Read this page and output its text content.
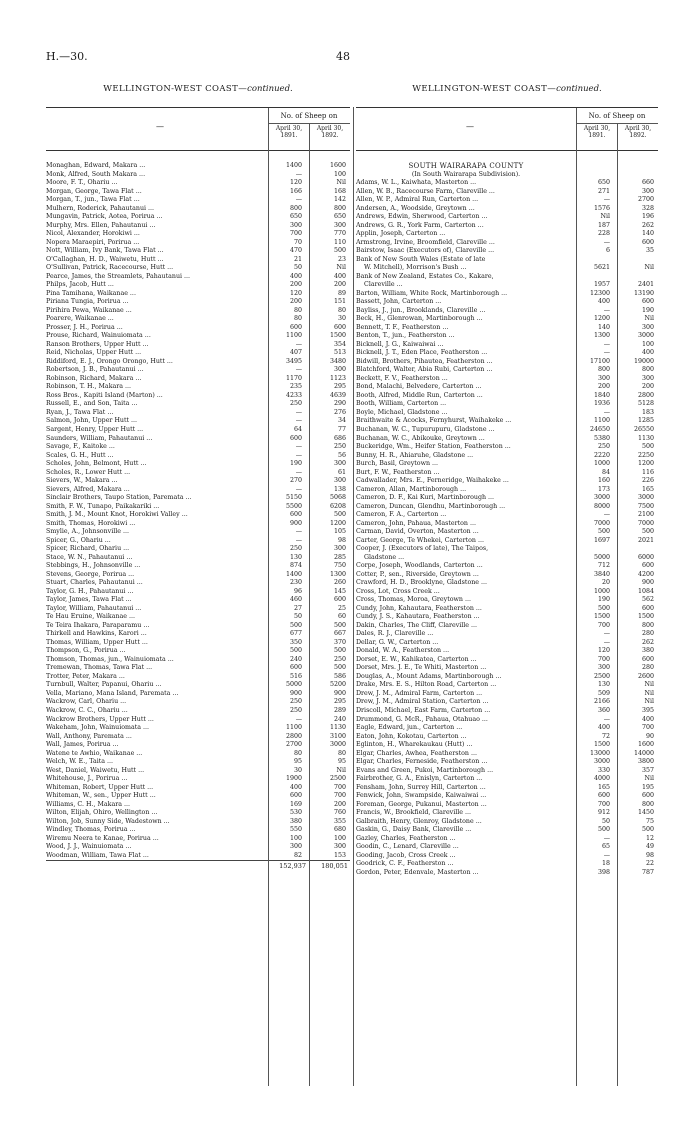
H.—30.	48
WELLINGTON-WEST COAST—continued.	WELLINGTON-WEST COAST—continued.
—
No. of Sheep on
April 30, 1891.
April 30, 1892.
Monaghan, Edward, Makara ...	1400	1600
Monk, Alfred, South Makara ...	—	100
Moore, F. T., Ohariu ...	120	Nil
Morgan, George, Tawa Flat ...	166	168
Morgan, T., jun., Tawa Flat ...	—	142
Mulhern, Roderick, Pahautanui ...	800	800
Mungavin, Patrick, Aotea, Porirua ...	650	650
Murphy, Mrs. Ellen, Pahautanui ...	300	300
Nicol, Alexander, Horokiwi ...	700	770
Nopera Maraepiri, Porirua ...	70	110
Nott, William, Ivy Bank, Tawa Flat ...	470	500
O'Callaghan, H. D., Waiwetu, Hutt ...	21	23
O'Sullivan, Patrick, Racecourse, Hutt ...	50	Nil
Pearce, James, the Streamlets, Pahautanui ...	400	400
Philps, Jacob, Hutt ...	200	200
Pina Tamihana, Waikanae ...	120	89
Piriana Tungia, Porirua ...	200	151
Pirihira Pewa, Waikanae ...	80	80
Poarere, Waikanae ...	80	30
Prosser, J. H., Porirua ...	600	600
Prouse, Richard, Wainuiomata ...	1100	1500
Ranson Brothers, Upper Hutt ...	—	354
Reid, Nicholas, Upper Hutt ...	407	513
Riddiford, E. J., Orongo Orongo, Hutt ...	3495	3480
Robertson, J. B., Pahautanui ...	—	300
Robinson, Richard, Makara ...	1170	1123
Robinson, T. H., Makara ...	235	295
Ross Bros., Kapiti Island (Marton) ...	4233	4639
Russell, E., and Son, Taita ...	250	290
Ryan, J., Tawa Flat ...	—	276
Salmon, John, Upper Hutt ...	—	34
Sargent, Henry, Upper Hutt ...	64	77
Saunders, William, Pahautanui ...	600	686
Savage, F., Kaitoke ...	—	250
Scales, G. H., Hutt ...	—	56
Scholes, John, Belmont, Hutt ...	190	300
Scholes, R., Lower Hutt ...	—	61
Sievers, W., Makara ...	270	300
Sievers, Alfred, Makara ...	—	138
Sinclair Brothers, Taupo Station, Paremata ...	5150	5068
Smith, F. W., Tunapo, Paikakariki ...	5500	6208
Smith, J. M., Mount Knot, Horokiwi Valley ...	600	500
Smith, Thomas, Horokiwi ...	900	1200
Smylie, A., Johnsonville ...	—	105
Spicer, G., Ohariu ...	—	98
Spicer, Richard, Ohariu ...	250	300
Stace, W. N., Pahautanui ...	130	285
Stebbings, H., Johnsonville ...	874	750
Stevens, George, Porirua ...	1400	1300
Stuart, Charles, Pahautanui ...	230	260
Taylor, G. H., Pahautanui ...	96	145
Taylor, James, Tawa Flat ...	460	600
Taylor, William, Pahautanui ...	27	25
Te Hau Eruine, Waikanae ...	50	60
Te Teira Ihakara, Paraparamu ...	500	500
Thirkell and Hawkins, Karori ...	677	667
Thomas, William, Upper Hutt ...	350	370
Thompson, G., Porirua ...	500	500
Thomson, Thomas, jun., Wainuiomata ...	240	250
Tremewan, Thomas, Tawa Flat ...	600	500
Trotter, Peter, Makara ...	516	586
Turnbull, Walter, Papanui, Ohariu ...	5000	5200
Vella, Mariano, Mana Island, Paremata ...	900	900
Wackrow, Carl, Ohariu ...	250	295
Wackrow, C. C., Ohariu ...	250	289
Wackrow Brothers, Upper Hutt ...	—	240
Wakeham, John, Wainuiomata ...	1100	1130
Wall, Anthony, Paremata ...	2800	3100
Wall, James, Porirua ...	2700	3000
Watene te Awhio, Waikanae ...	80	80
Welch, W. E., Taita ...	95	95
West, Daniel, Waiwetu, Hutt ...	30	Nil
Whitehouse, J., Porirua ...	1900	2500
Whiteman, Robert, Upper Hutt ...	400	700
Whiteman, W., sen., Upper Hutt ...	600	700
Williams, C. H., Makara ...	169	200
Wilton, Elijah, Ohiro, Wellington ...	530	760
Wilton, Job, Sunny Side, Wadestown ...	380	355
Windley, Thomas, Porirua ...	550	680
Wiremu Neera te Kanae, Porirua ...	100	100
Wood, J. J., Wainuiomata ...	300	300
Woodman, William, Tawa Flat ...	82	153
152,937	180,051
—
No. of Sheep on
April 30, 1891.
April 30, 1892.
SOUTH WAIRARAPA COUNTY
(In South Wairarapa Subdivision).
Adams, W. L., Kaiwhata, Masterton ...	650	660
Allen, W. B., Racecourse Farm, Clareville ...	271	300
Allen, W. P., Admiral Run, Carterton ...	—	2700
Andersen, A., Woodside, Greytown ...	1576	328
Andrews, Edwin, Sherwood, Carterton ...	Nil	196
Andrews, G. R., York Farm, Carterton ...	187	262
Applin, Joseph, Carterton ...	228	140
Armstrong, Irvine, Broomfield, Clareville ...	—	600
Bairstow, Isaac (Executors of), Clareville ...	6	35
Bank of New South Wales (Estate of late
W. Mitchell), Morrison's Bush ...	5621	Nil
Bank of New Zealand, Estates Co., Kakare,
Clareville ...	1957	2401
Barton, William, White Rock, Martinborough ...	12300	13190
Bassett, John, Carterton ...	400	600
Bayliss, J., jun., Brooklands, Clareville ...	—	190
Beck, H., Glenrowan, Martinborough ...	1200	Nil
Bennett, T. F., Featherston ...	140	300
Benton, T., jun., Featherston ...	1300	3000
Bicknell, J. G., Kaiwaiwai ...	—	100
Bicknell, J. T., Eden Place, Featherston ...	—	400
Bidwill, Brothers, Pihautea, Featherston ...	17100	19000
Blatchford, Walter, Abia Rubi, Carterton ...	800	800
Beckett, F. V., Featherston ...	300	300
Bond, Malachi, Belvedere, Carterton ...	200	200
Booth, Alfred, Middle Run, Carterton ...	1840	2800
Booth, William, Carterton ...	1936	5128
Boyle, Michael, Gladstone ...	—	183
Braithwaite & Acocks, Fernyhurst, Waihakeke ...	1100	1285
Buchanan, W. C., Tupurupuru, Gladstone ...	24650	26550
Buchanan, W. C., Abikouke, Greytown ...	5380	1130
Buckeridge, Wm., Heifer Station, Featherston ...	250	500
Bunny, H. R., Ahiaruhe, Gladstone ...	2220	2250
Burch, Basil, Greytown ...	1000	1200
Burt, F. W., Featherston ...	84	116
Cadwallader, Mrs. E., Ferneridge, Waihakeke ...	160	226
Cameron, Allan, Martinborough ...	173	165
Cameron, D. F., Kai Kuri, Martinborough ...	3000	3000
Cameron, Duncan, Glendhu, Martinborough ...	8000	7500
Cameron, F. A., Carterton ...	—	2100
Cameron, John, Pahaua, Masterton ...	7000	7000
Carman, David, Overton, Masterton ...	500	500
Carter, George, Te Whekei, Carterton ...	1697	2021
Cooper, J. (Executors of late), The Taipos,
Gladstone ...	5000	6000
Corpe, Joseph, Woodlands, Carterton ...	712	600
Cotter, P., sen., Riverside, Greytown ...	3840	4200
Crawford, H. D., Brooklyne, Gladstone ...	20	900
Cross, Lot, Cross Creek ...	1000	1084
Cross, Thomas, Moroa, Greytown ...	190	562
Cundy, John, Kahautara, Featherston ...	500	600
Cundy, J. S., Kahautara, Featherston ...	1500	1500
Dakin, Charles, The Cliff, Clareville ...	700	800
Dales, R. J., Clareville ...	—	280
Dellar, G. W., Carterton ...	—	262
Donald, W. A., Featherston ...	120	380
Dorset, E. W., Kahikatea, Carterton ...	700	600
Dorset, Mrs. J. E., Te Whiti, Masterton ...	300	280
Douglas, A., Mount Adams, Martinborough ...	2500	2600
Drake, Mrs. E. S., Hilton Road, Carterton ...	130	Nil
Drew, J. M., Admiral Farm, Carterton ...	509	Nil
Drew, J. M., Admiral Station, Carterton ...	2166	Nil
Driscoll, Michael, East Farm, Carterton ...	360	395
Drummond, G. McR., Pahaua, Otahuao ...	—	400
Eagle, Edward, jun., Carterton ...	400	700
Eaton, John, Kokotau, Carterton ...	72	90
Eglinton, H., Wharekaukau (Hutt) ...	1500	1600
Elgar, Charles, Awhea, Featherston ...	13000	14000
Elgar, Charles, Ferneside, Featherston ...	3000	3800
Evans and Green, Pukoi, Martinborough ...	330	357
Fairbrother, G. A., Enislyn, Carterton ...	4000	Nil
Fensham, John, Surrey Hill, Carterton ...	165	195
Fenwick, John, Swampside, Kaiwaiwai ...	600	600
Foreman, George, Pukanui, Masterton ...	700	800
Francis, W., Brookfield, Clareville ...	912	1450
Galbraith, Henry, Glenroy, Gladstone ...	50	75
Gaskin, G., Daisy Bank, Clareville ...	500	500
Gazley, Charles, Featherston ...	—	12
Goodin, C., Lenard, Clareville ...	65	49
Gooding, Jacob, Cross Creek ...	—	98
Goodrick, C. F., Featherston ...	18	22
Gordon, Peter, Edenvale, Masterton ...	398	787
